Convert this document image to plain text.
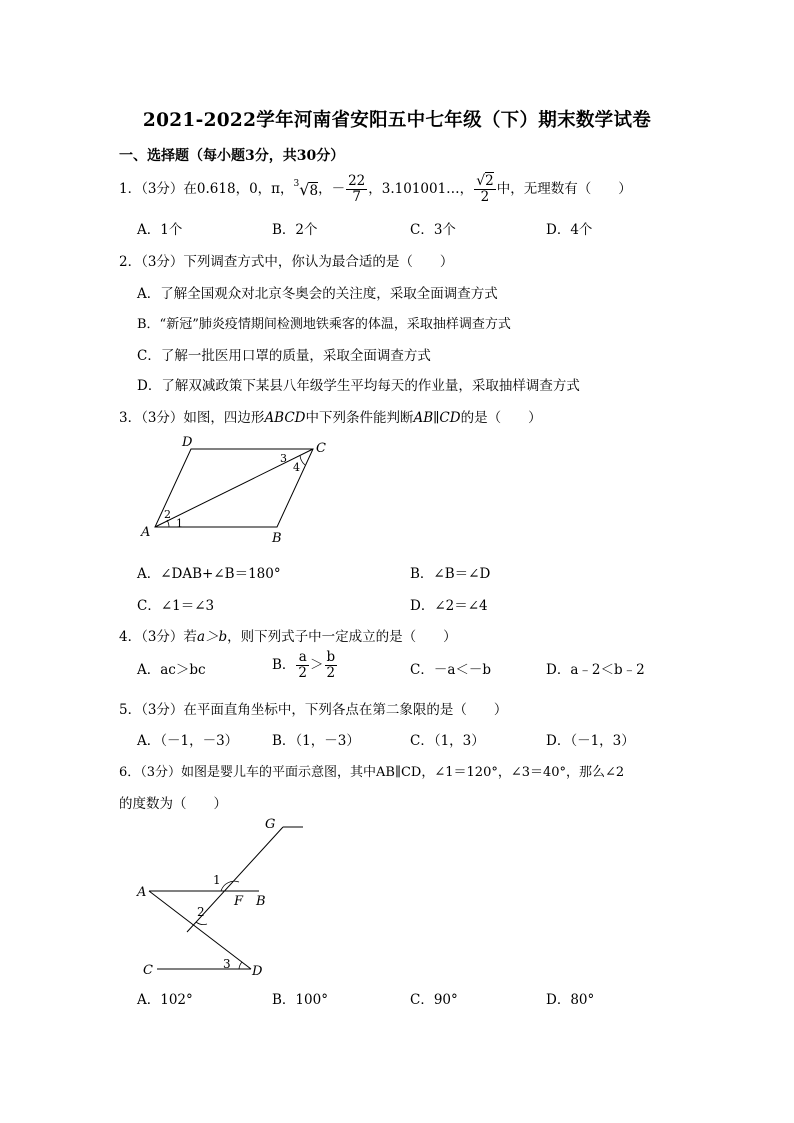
2021-2022学年河南省安阳五中七年级（下）期末数学试卷
一、选择题（每小题3分，共30分）
1．（3分）在0.618，0，π，$^3$√8，－ $\frac{22}{7}$ ，3.101001…， $\frac{√2}{2}$ 中，无理数有（　　）
A．1个	B．2个	C．3个	D．4个
2．（3分）下列调查方式中，你认为最合适的是（　　）
A．了解全国观众对北京冬奥会的关注度，采取全面调查方式
B．“新冠”肺炎疫情期间检测地铁乘客的体温，采取抽样调查方式
C．了解一批医用口罩的质量，采取全面调查方式
D．了解双减政策下某县八年级学生平均每天的作业量，采取抽样调查方式
3．（3分）如图，四边形ABCD中下列条件能判断AB∥CD的是（　　）
D	C
A	B
1
2
3
4
A．∠DAB+∠B＝180°	B．∠B＝∠D
C．∠1＝∠3	D．∠2＝∠4
4．（3分）若a＞b，则下列式子中一定成立的是（　　）
A．ac＞bc	B． $\frac{a}{2} > \frac{b}{2}$	C．－a＜－b	D．a﹣2＜b﹣2
5．（3分）在平面直角坐标中，下列各点在第二象限的是（　　）
A．（－1，－3）	B．（1，－3）	C．（1，3）	D．（－1，3）
6．（3分）如图是婴儿车的平面示意图，其中AB∥CD，∠1＝120°，∠3＝40°，那么∠2
的度数为（　　）
G
A
F B
C	D
1
2
3
A．102°	B．100°	C．90°	D．80°
